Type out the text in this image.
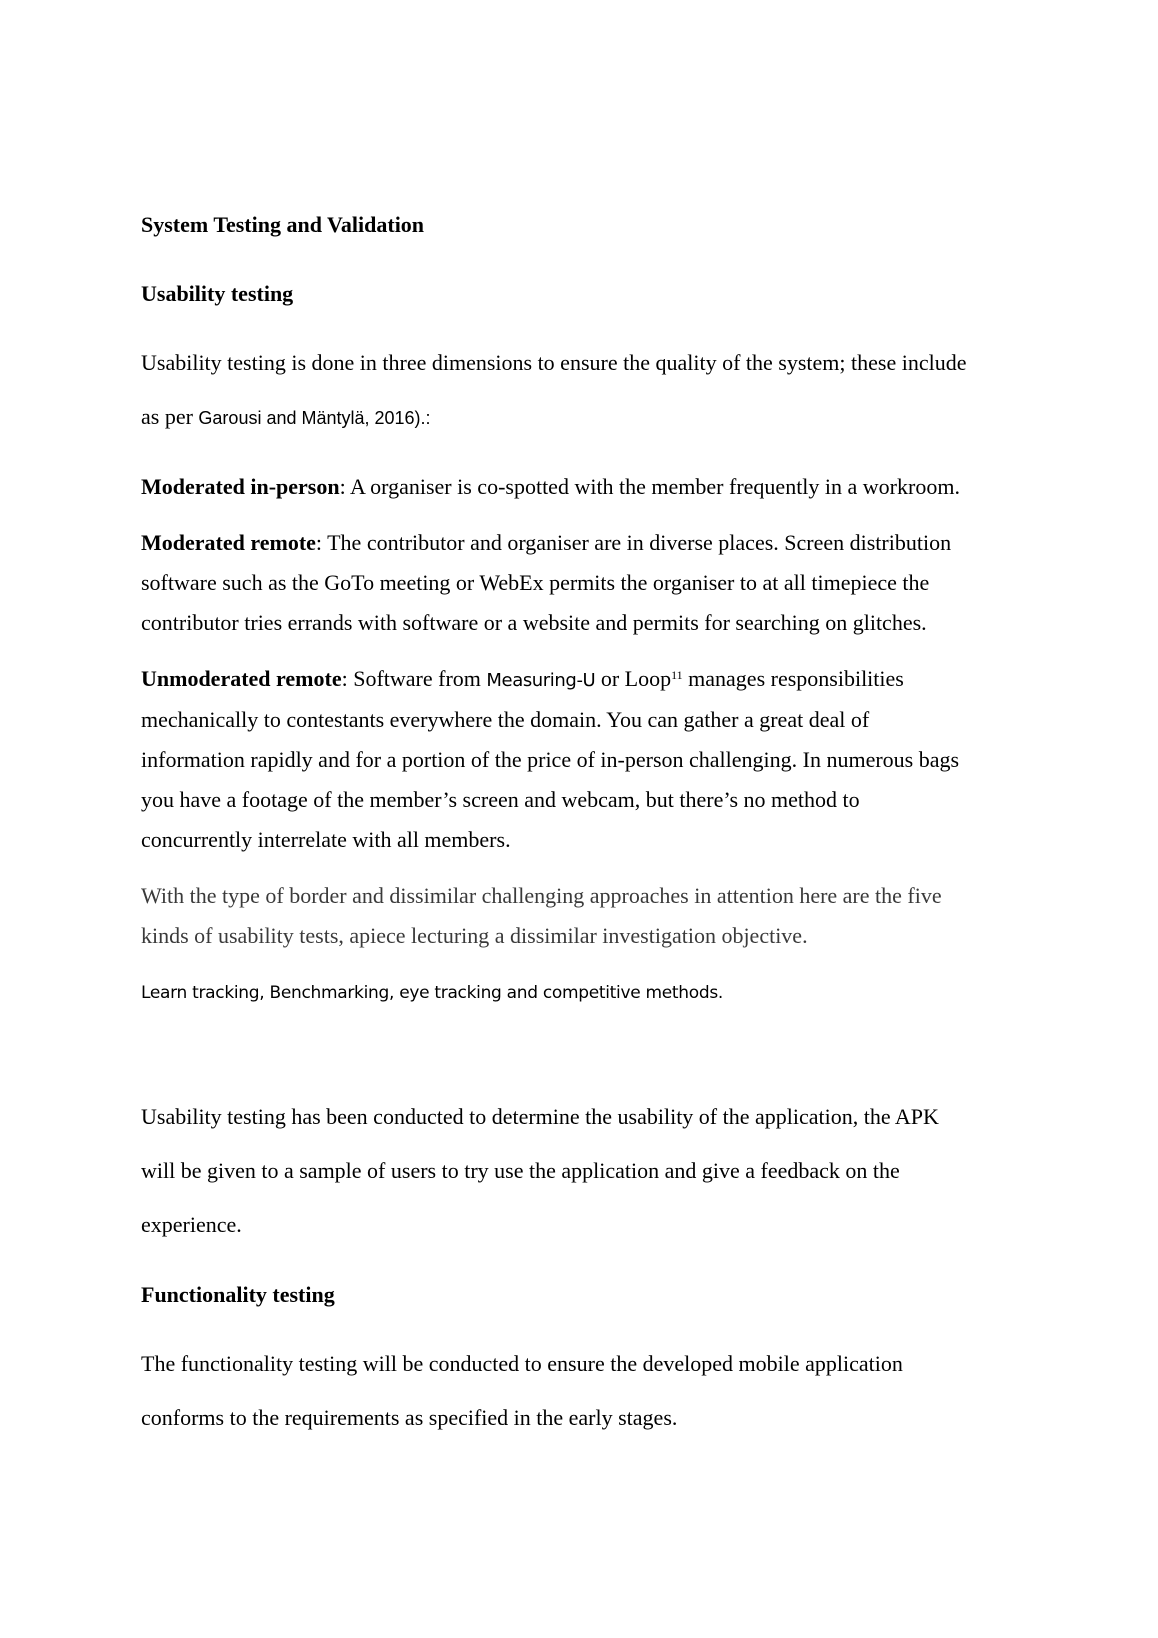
System Testing and Validation
Usability testing
Usability testing is done in three dimensions to ensure the quality of the system; these include
as per Garousi and Mäntylä, 2016).:
Moderated in-person: A organiser is co-spotted with the member frequently in a workroom.
Moderated remote: The contributor and organiser are in diverse places. Screen distribution
software such as the GoTo meeting or WebEx permits the organiser to at all timepiece the
contributor tries errands with software or a website and permits for searching on glitches.
Unmoderated remote: Software from Measuring-U or Loop$^{11}$ manages responsibilities
mechanically to contestants everywhere the domain. You can gather a great deal of
information rapidly and for a portion of the price of in-person challenging. In numerous bags
you have a footage of the member’s screen and webcam, but there’s no method to
concurrently interrelate with all members.
With the type of border and dissimilar challenging approaches in attention here are the five
kinds of usability tests, apiece lecturing a dissimilar investigation objective.
Learn tracking, Benchmarking, eye tracking and competitive methods.
Usability testing has been conducted to determine the usability of the application, the APK
will be given to a sample of users to try use the application and give a feedback on the
experience.
Functionality testing
The functionality testing will be conducted to ensure the developed mobile application
conforms to the requirements as specified in the early stages.
